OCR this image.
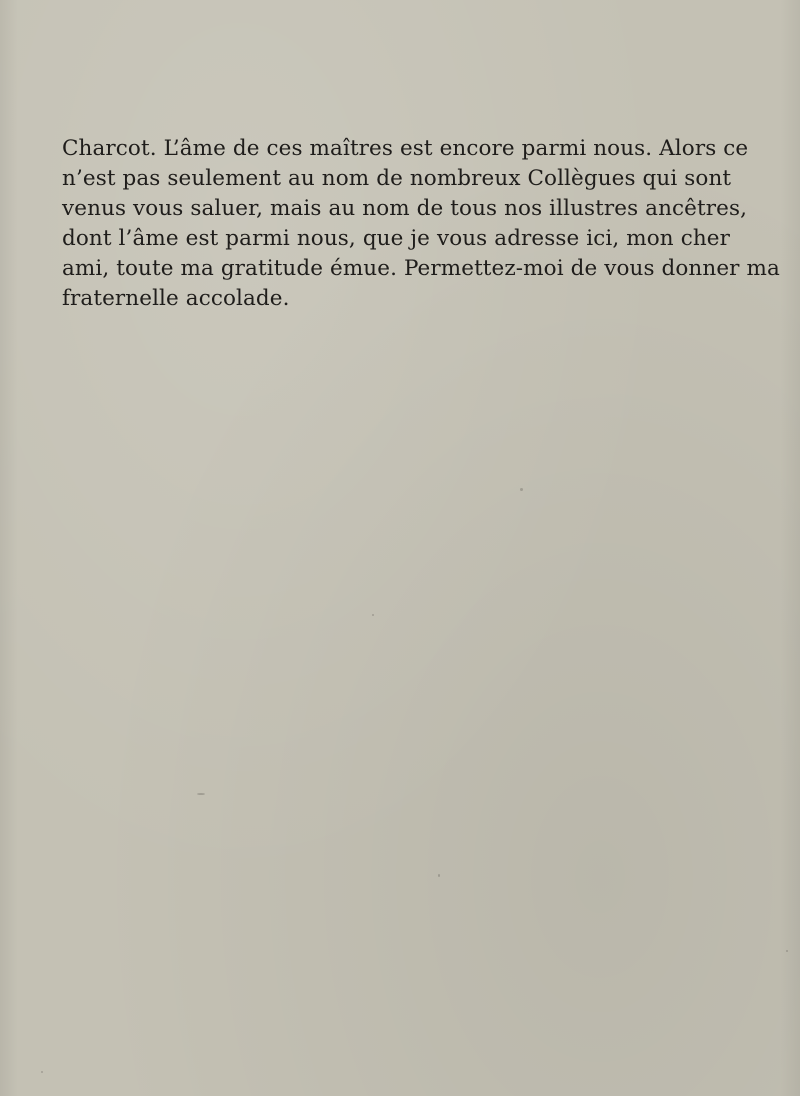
Charcot. L’âme de ces maîtres est encore parmi nous. Alors ce
n’est pas seulement au nom de nombreux Collègues qui sont
venus vous saluer, mais au nom de tous nos illustres ancêtres,
dont l’âme est parmi nous, que je vous adresse ici, mon cher
ami, toute ma gratitude émue. Permettez-moi de vous donner ma
fraternelle accolade.
